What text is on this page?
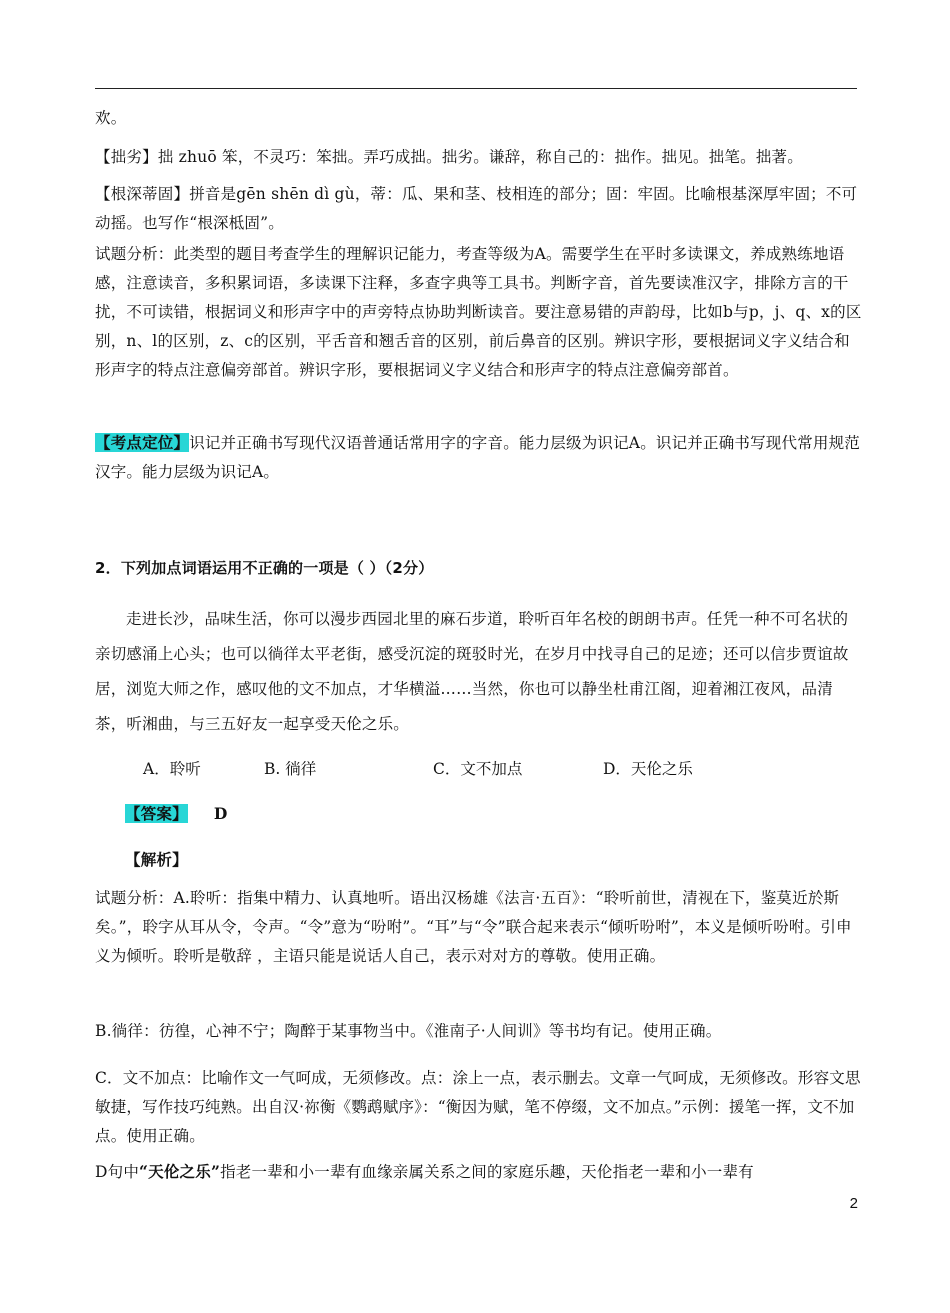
欢。

【拙劣】拙 zhuō 笨，不灵巧：笨拙。弄巧成拙。拙劣。谦辞，称自己的：拙作。拙见。拙笔。拙著。

【根深蒂固】拼音是gēn shēn dì gù，蒂：瓜、果和茎、枝相连的部分；固：牢固。比喻根基深厚牢固；不可动摇。也写作“根深柢固”。

试题分析：此类型的题目考查学生的理解识记能力，考查等级为A。需要学生在平时多读课文，养成熟练地语感，注意读音，多积累词语，多读课下注释，多查字典等工具书。判断字音，首先要读准汉字，排除方言的干扰，不可读错，根据词义和形声字中的声旁特点协助判断读音。要注意易错的声韵母，比如b与p，j、q、x的区别，n、l的区别，z、c的区别，平舌音和翘舌音的区别，前后鼻音的区别。辨识字形，要根据词义字义结合和形声字的特点注意偏旁部首。辨识字形，要根据词义字义结合和形声字的特点注意偏旁部首。

【考点定位】识记并正确书写现代汉语普通话常用字的字音。能力层级为识记A。识记并正确书写现代常用规范汉字。能力层级为识记A。

2．下列加点词语运用不正确的一项是（ ）（2分）

走进长沙，品味生活，你可以漫步西园北里的麻石步道，聆听百年名校的朗朗书声。任凭一种不可名状的亲切感涌上心头；也可以徜徉太平老街，感受沉淀的斑驳时光，在岁月中找寻自己的足迹；还可以信步贾谊故居，浏览大师之作，感叹他的文不加点，才华横溢……当然，你也可以静坐杜甫江阁，迎着湘江夜风，品清茶，听湘曲，与三五好友一起享受天伦之乐。

A．聆听	B. 徜徉	C．文不加点	D．天伦之乐

【答案】 D

【解析】

试题分析：A.聆听：指集中精力、认真地听。语出汉杨雄《法言·五百》：“聆听前世，清视在下，鉴莫近於斯矣。”，聆字从耳从令，令声。“令”意为“吩咐”。“耳”与“令”联合起来表示“倾听吩咐”，本义是倾听吩咐。引申义为倾听。聆听是敬辞 ，主语只能是说话人自己，表示对对方的尊敬。使用正确。

B.徜徉：彷徨，心神不宁；陶醉于某事物当中。《淮南子·人间训》等书均有记。使用正确。

C．文不加点：比喻作文一气呵成，无须修改。点：涂上一点，表示删去。文章一气呵成，无须修改。形容文思敏捷，写作技巧纯熟。出自汉·祢衡《鹦鹉赋序》：“衡因为赋，笔不停缀，文不加点。”示例：援笔一挥，文不加点。使用正确。

D句中“天伦之乐”指老一辈和小一辈有血缘亲属关系之间的家庭乐趣，天伦指老一辈和小一辈有

2
